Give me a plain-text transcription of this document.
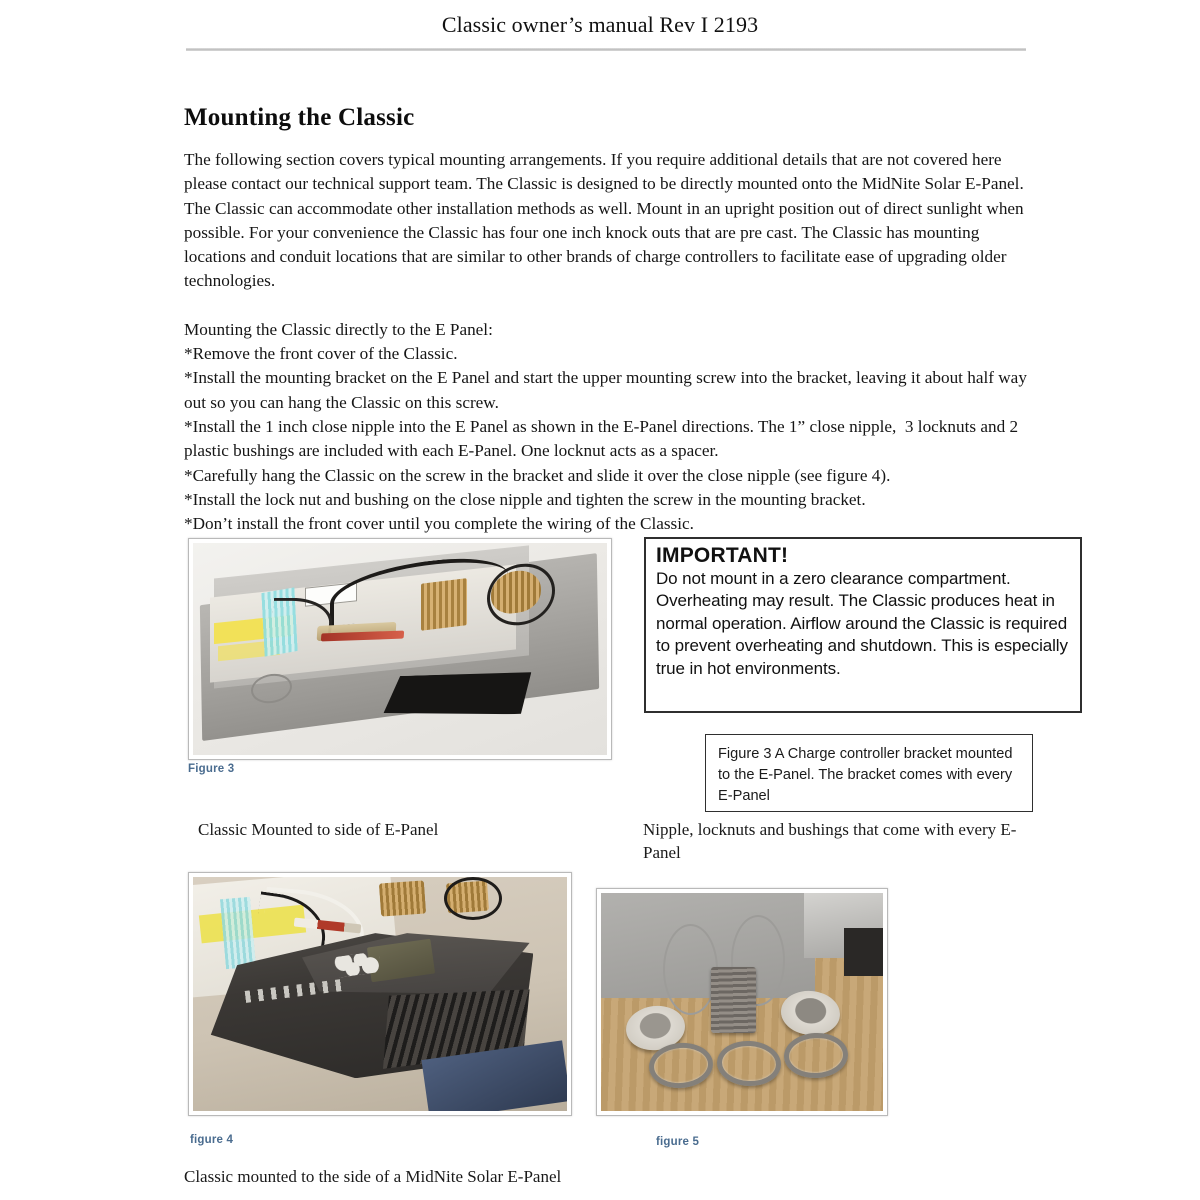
Classic owner’s manual Rev I 2193
Mounting the Classic

The following section covers typical mounting arrangements. If you require additional details that are not covered here please contact our technical support team. The Classic is designed to be directly mounted onto the MidNite Solar E-Panel. The Classic can accommodate other installation methods as well. Mount in an upright position out of direct sunlight when possible. For your convenience the Classic has four one inch knock outs that are pre cast. The Classic has mounting locations and conduit locations that are similar to other brands of charge controllers to facilitate ease of upgrading older technologies.

Mounting the Classic directly to the E Panel:
*Remove the front cover of the Classic.
*Install the mounting bracket on the E Panel and start the upper mounting screw into the bracket, leaving it about half way out so you can hang the Classic on this screw.
*Install the 1 inch close nipple into the E Panel as shown in the E-Panel directions. The 1” close nipple,  3 locknuts and 2 plastic bushings are included with each E-Panel. One locknut acts as a spacer.
*Carefully hang the Classic on the screw in the bracket and slide it over the close nipple (see figure 4).
*Install the lock nut and bushing on the close nipple and tighten the screw in the mounting bracket.
*Don’t install the front cover until you complete the wiring of the Classic.
IMPORTANT!
Do not mount in a zero clearance compartment. Overheating may result. The Classic produces heat in normal operation. Airflow around the Classic is required to prevent overheating and shutdown. This is especially true in hot environments.
Figure 3 A Charge controller bracket mounted to the E-Panel. The bracket comes with every E-Panel
Figure 3
Classic Mounted to side of E-Panel	Nipple, locknuts and bushings that come with every E-Panel
figure 4	figure 5
Classic mounted to the side of a MidNite Solar E-Panel
